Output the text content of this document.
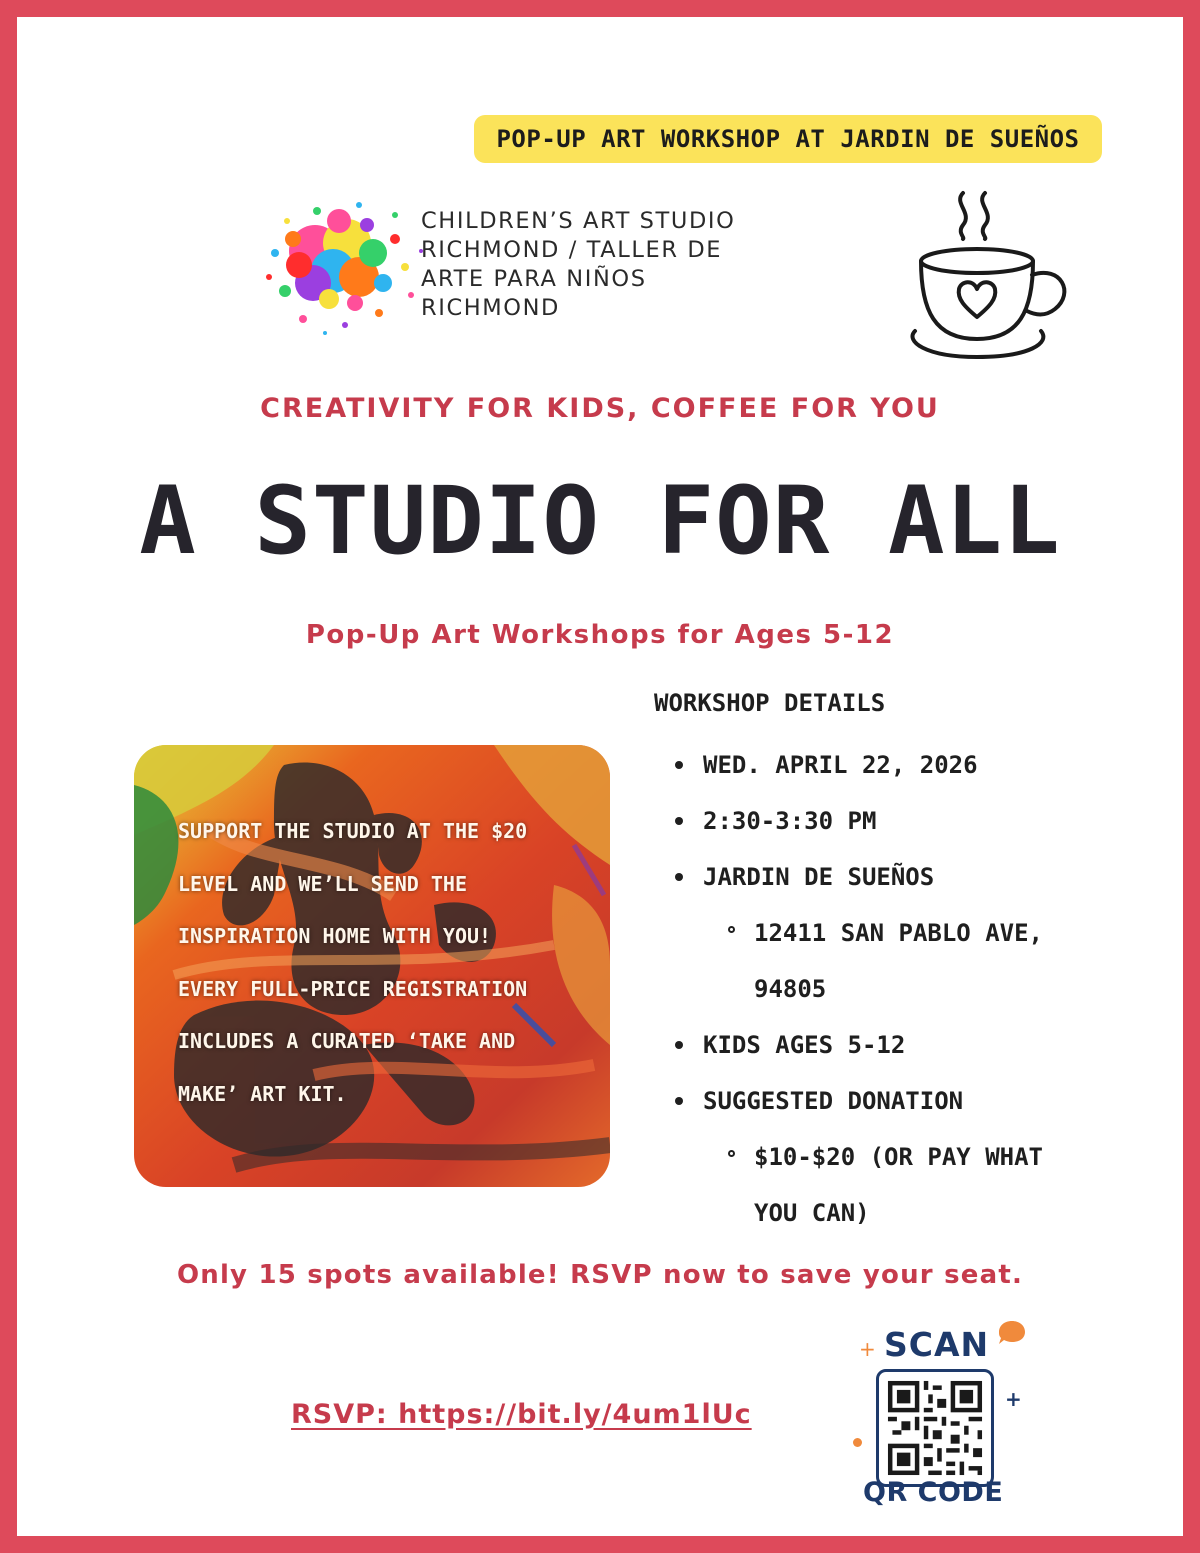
POP-UP ART WORKSHOP AT JARDIN DE SUEÑOS
CHILDREN’S ART STUDIO
RICHMOND / TALLER DE
ARTE PARA NIÑOS
RICHMOND
CREATIVITY FOR KIDS, COFFEE FOR YOU
A STUDIO FOR ALL
Pop-Up Art Workshops for Ages 5-12
SUPPORT THE STUDIO AT THE $20
LEVEL AND WE’LL SEND THE
INSPIRATION HOME WITH YOU!
EVERY FULL-PRICE REGISTRATION
INCLUDES A CURATED ‘TAKE AND
MAKE’ ART KIT.
WORKSHOP DETAILS
WED. APRIL 22, 2026
2:30-3:30 PM
JARDIN DE SUEÑOS
12411 SAN PABLO AVE,
94805
KIDS AGES 5-12
SUGGESTED DONATION
$10-$20 (OR PAY WHAT
YOU CAN)
Only 15 spots available! RSVP now to save your seat.
RSVP: https://bit.ly/4um1lUc
SCAN
+
+
QR CODE
